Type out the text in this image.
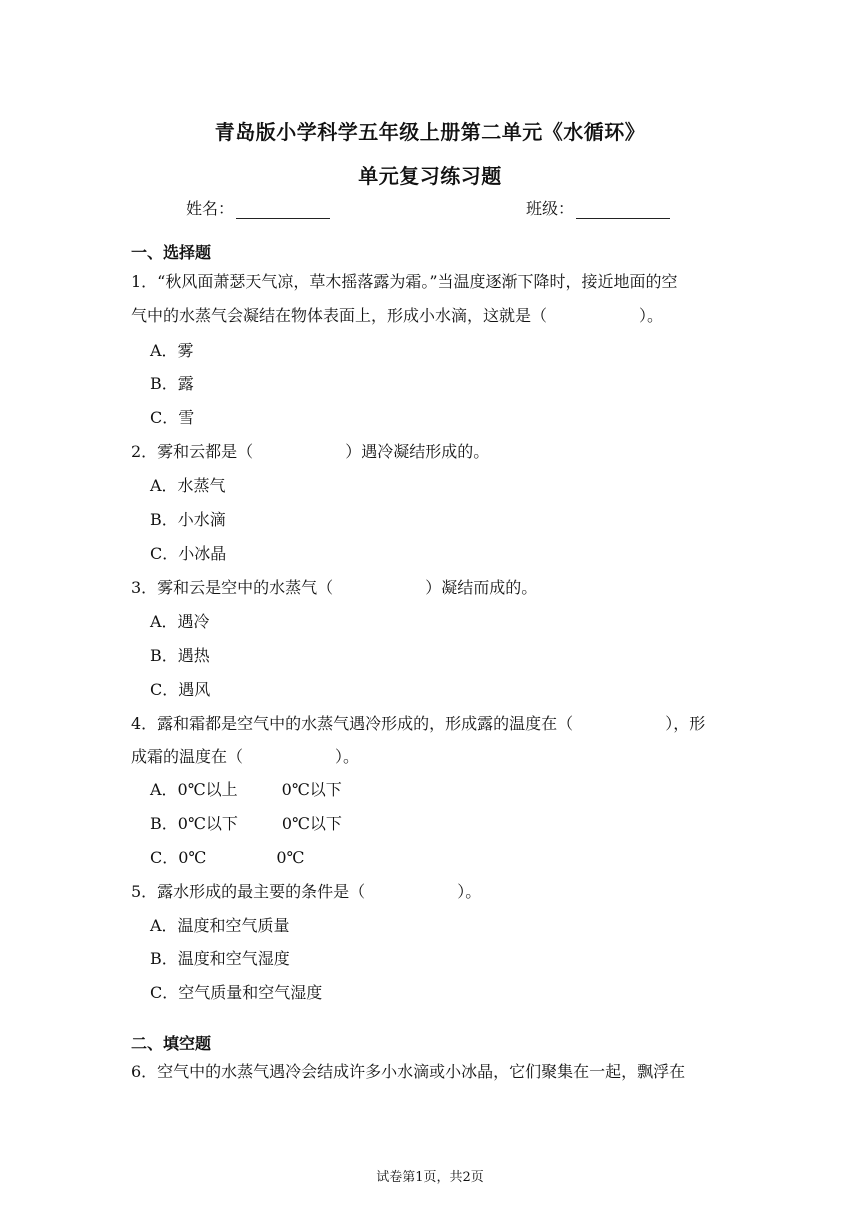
青岛版小学科学五年级上册第二单元《水循环》
单元复习练习题
姓名：	班级：
一、选择题
1．“秋风面萧瑟天气凉，草木摇落露为霜。”当温度逐渐下降时，接近地面的空
气中的水蒸气会凝结在物体表面上，形成小水滴，这就是（	）。
A．雾
B．露
C．雪
2．雾和云都是（	）遇冷凝结形成的。
A．水蒸气
B．小水滴
C．小冰晶
3．雾和云是空中的水蒸气（	）凝结而成的。
A．遇冷
B．遇热
C．遇风
4．露和霜都是空气中的水蒸气遇冷形成的，形成露的温度在（	），形
成霜的温度在（	）。
A．0℃以上	0℃以下
B．0℃以下	0℃以下
C．0℃	0℃
5．露水形成的最主要的条件是（	）。
A．温度和空气质量
B．温度和空气湿度
C．空气质量和空气湿度
二、填空题
6．空气中的水蒸气遇冷会结成许多小水滴或小冰晶，它们聚集在一起，飘浮在
试卷第1页，共2页
